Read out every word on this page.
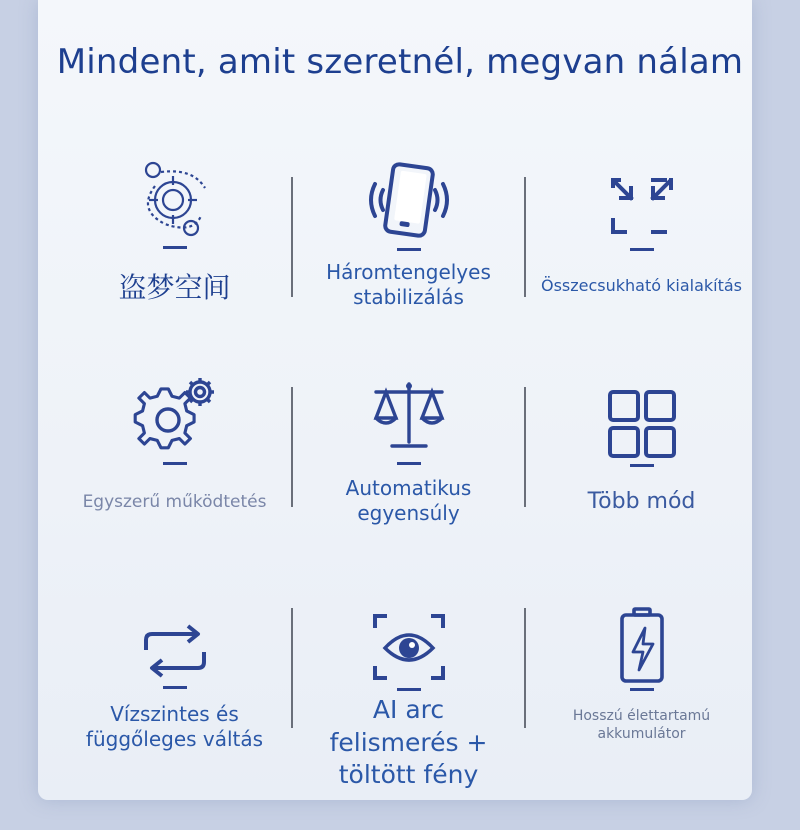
Mindent, amit szeretnél, megvan nálam
盗梦空间	Háromtengelyes stabilizálás	Összecsukható kialakítás
Egyszerű működtetés
Automatikus egyensúly	Több mód
Vízszintes és függőleges váltás
AI arc felismerés + töltött fény
Hosszú élettartamú akkumulátor
